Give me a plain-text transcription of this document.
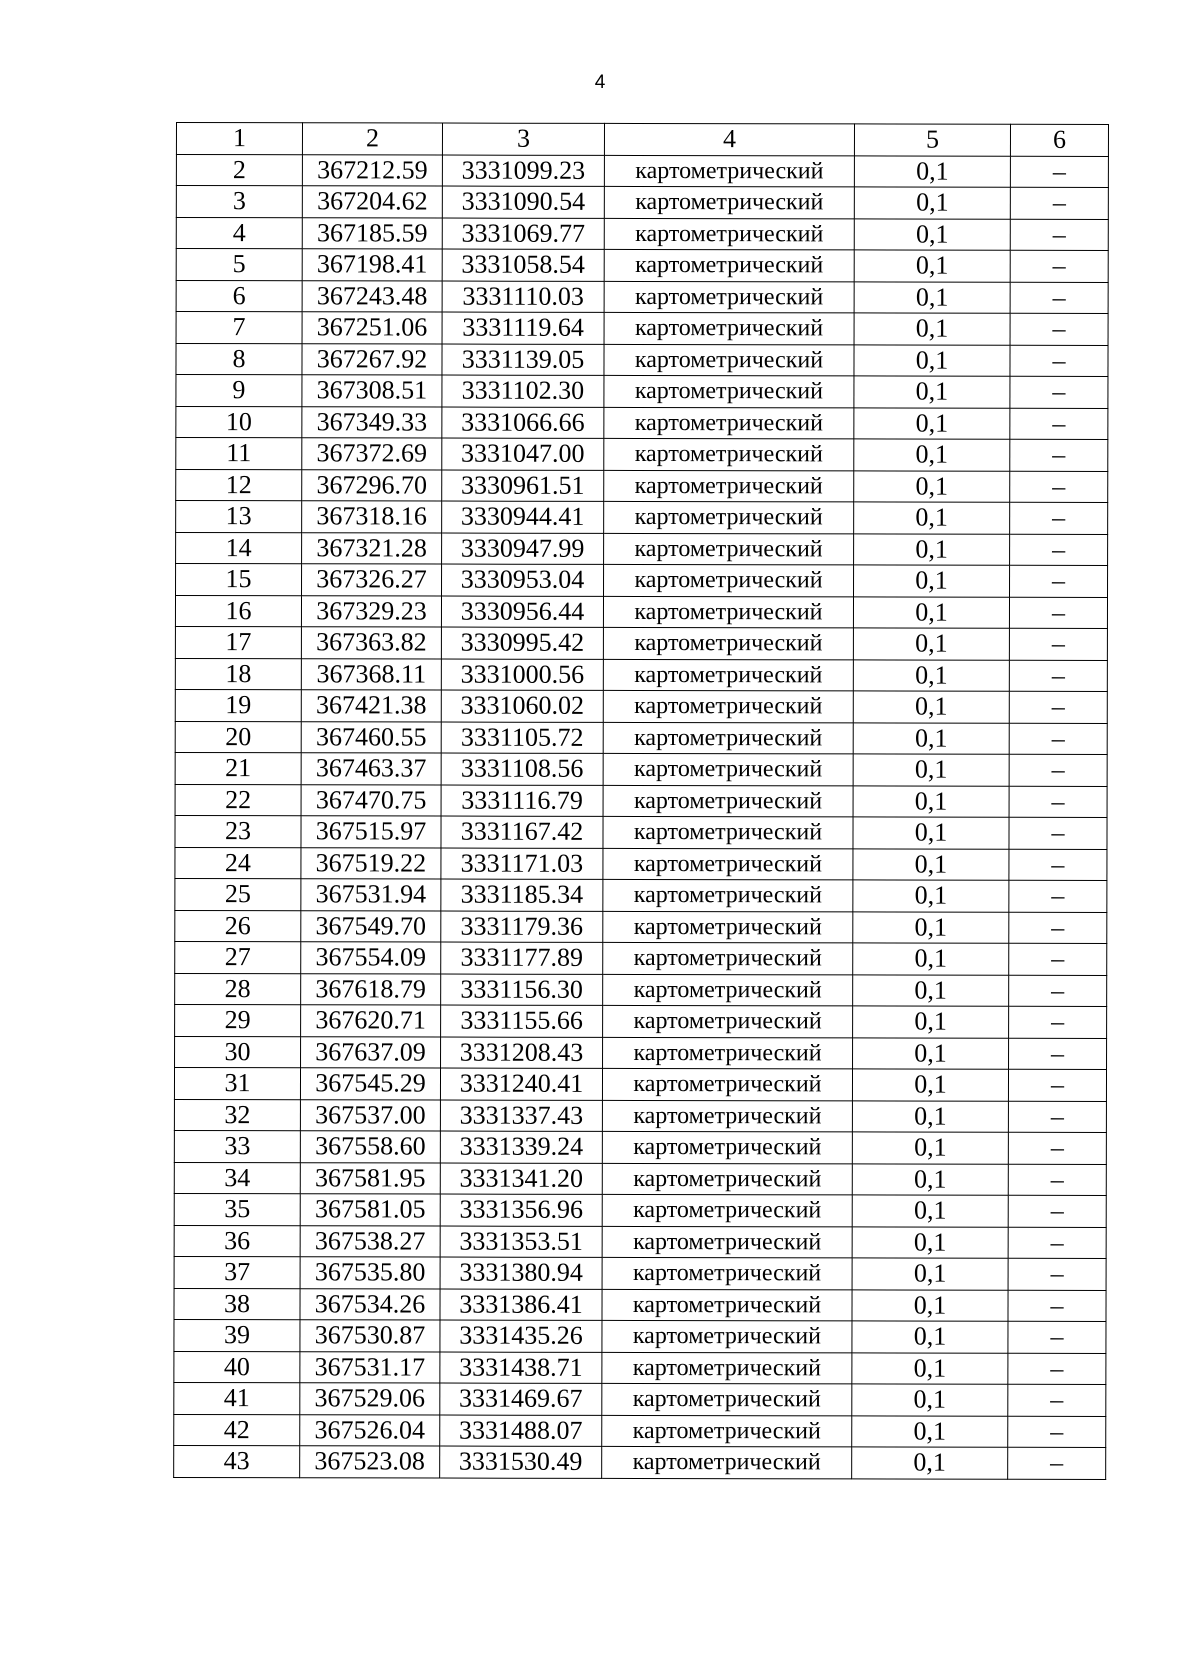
4
1	2	3	4	5	6
2	367212.59	3331099.23	картометрический	0,1	–
3	367204.62	3331090.54	картометрический	0,1	–
4	367185.59	3331069.77	картометрический	0,1	–
5	367198.41	3331058.54	картометрический	0,1	–
6	367243.48	3331110.03	картометрический	0,1	–
7	367251.06	3331119.64	картометрический	0,1	–
8	367267.92	3331139.05	картометрический	0,1	–
9	367308.51	3331102.30	картометрический	0,1	–
10	367349.33	3331066.66	картометрический	0,1	–
11	367372.69	3331047.00	картометрический	0,1	–
12	367296.70	3330961.51	картометрический	0,1	–
13	367318.16	3330944.41	картометрический	0,1	–
14	367321.28	3330947.99	картометрический	0,1	–
15	367326.27	3330953.04	картометрический	0,1	–
16	367329.23	3330956.44	картометрический	0,1	–
17	367363.82	3330995.42	картометрический	0,1	–
18	367368.11	3331000.56	картометрический	0,1	–
19	367421.38	3331060.02	картометрический	0,1	–
20	367460.55	3331105.72	картометрический	0,1	–
21	367463.37	3331108.56	картометрический	0,1	–
22	367470.75	3331116.79	картометрический	0,1	–
23	367515.97	3331167.42	картометрический	0,1	–
24	367519.22	3331171.03	картометрический	0,1	–
25	367531.94	3331185.34	картометрический	0,1	–
26	367549.70	3331179.36	картометрический	0,1	–
27	367554.09	3331177.89	картометрический	0,1	–
28	367618.79	3331156.30	картометрический	0,1	–
29	367620.71	3331155.66	картометрический	0,1	–
30	367637.09	3331208.43	картометрический	0,1	–
31	367545.29	3331240.41	картометрический	0,1	–
32	367537.00	3331337.43	картометрический	0,1	–
33	367558.60	3331339.24	картометрический	0,1	–
34	367581.95	3331341.20	картометрический	0,1	–
35	367581.05	3331356.96	картометрический	0,1	–
36	367538.27	3331353.51	картометрический	0,1	–
37	367535.80	3331380.94	картометрический	0,1	–
38	367534.26	3331386.41	картометрический	0,1	–
39	367530.87	3331435.26	картометрический	0,1	–
40	367531.17	3331438.71	картометрический	0,1	–
41	367529.06	3331469.67	картометрический	0,1	–
42	367526.04	3331488.07	картометрический	0,1	–
43	367523.08	3331530.49	картометрический	0,1	–
